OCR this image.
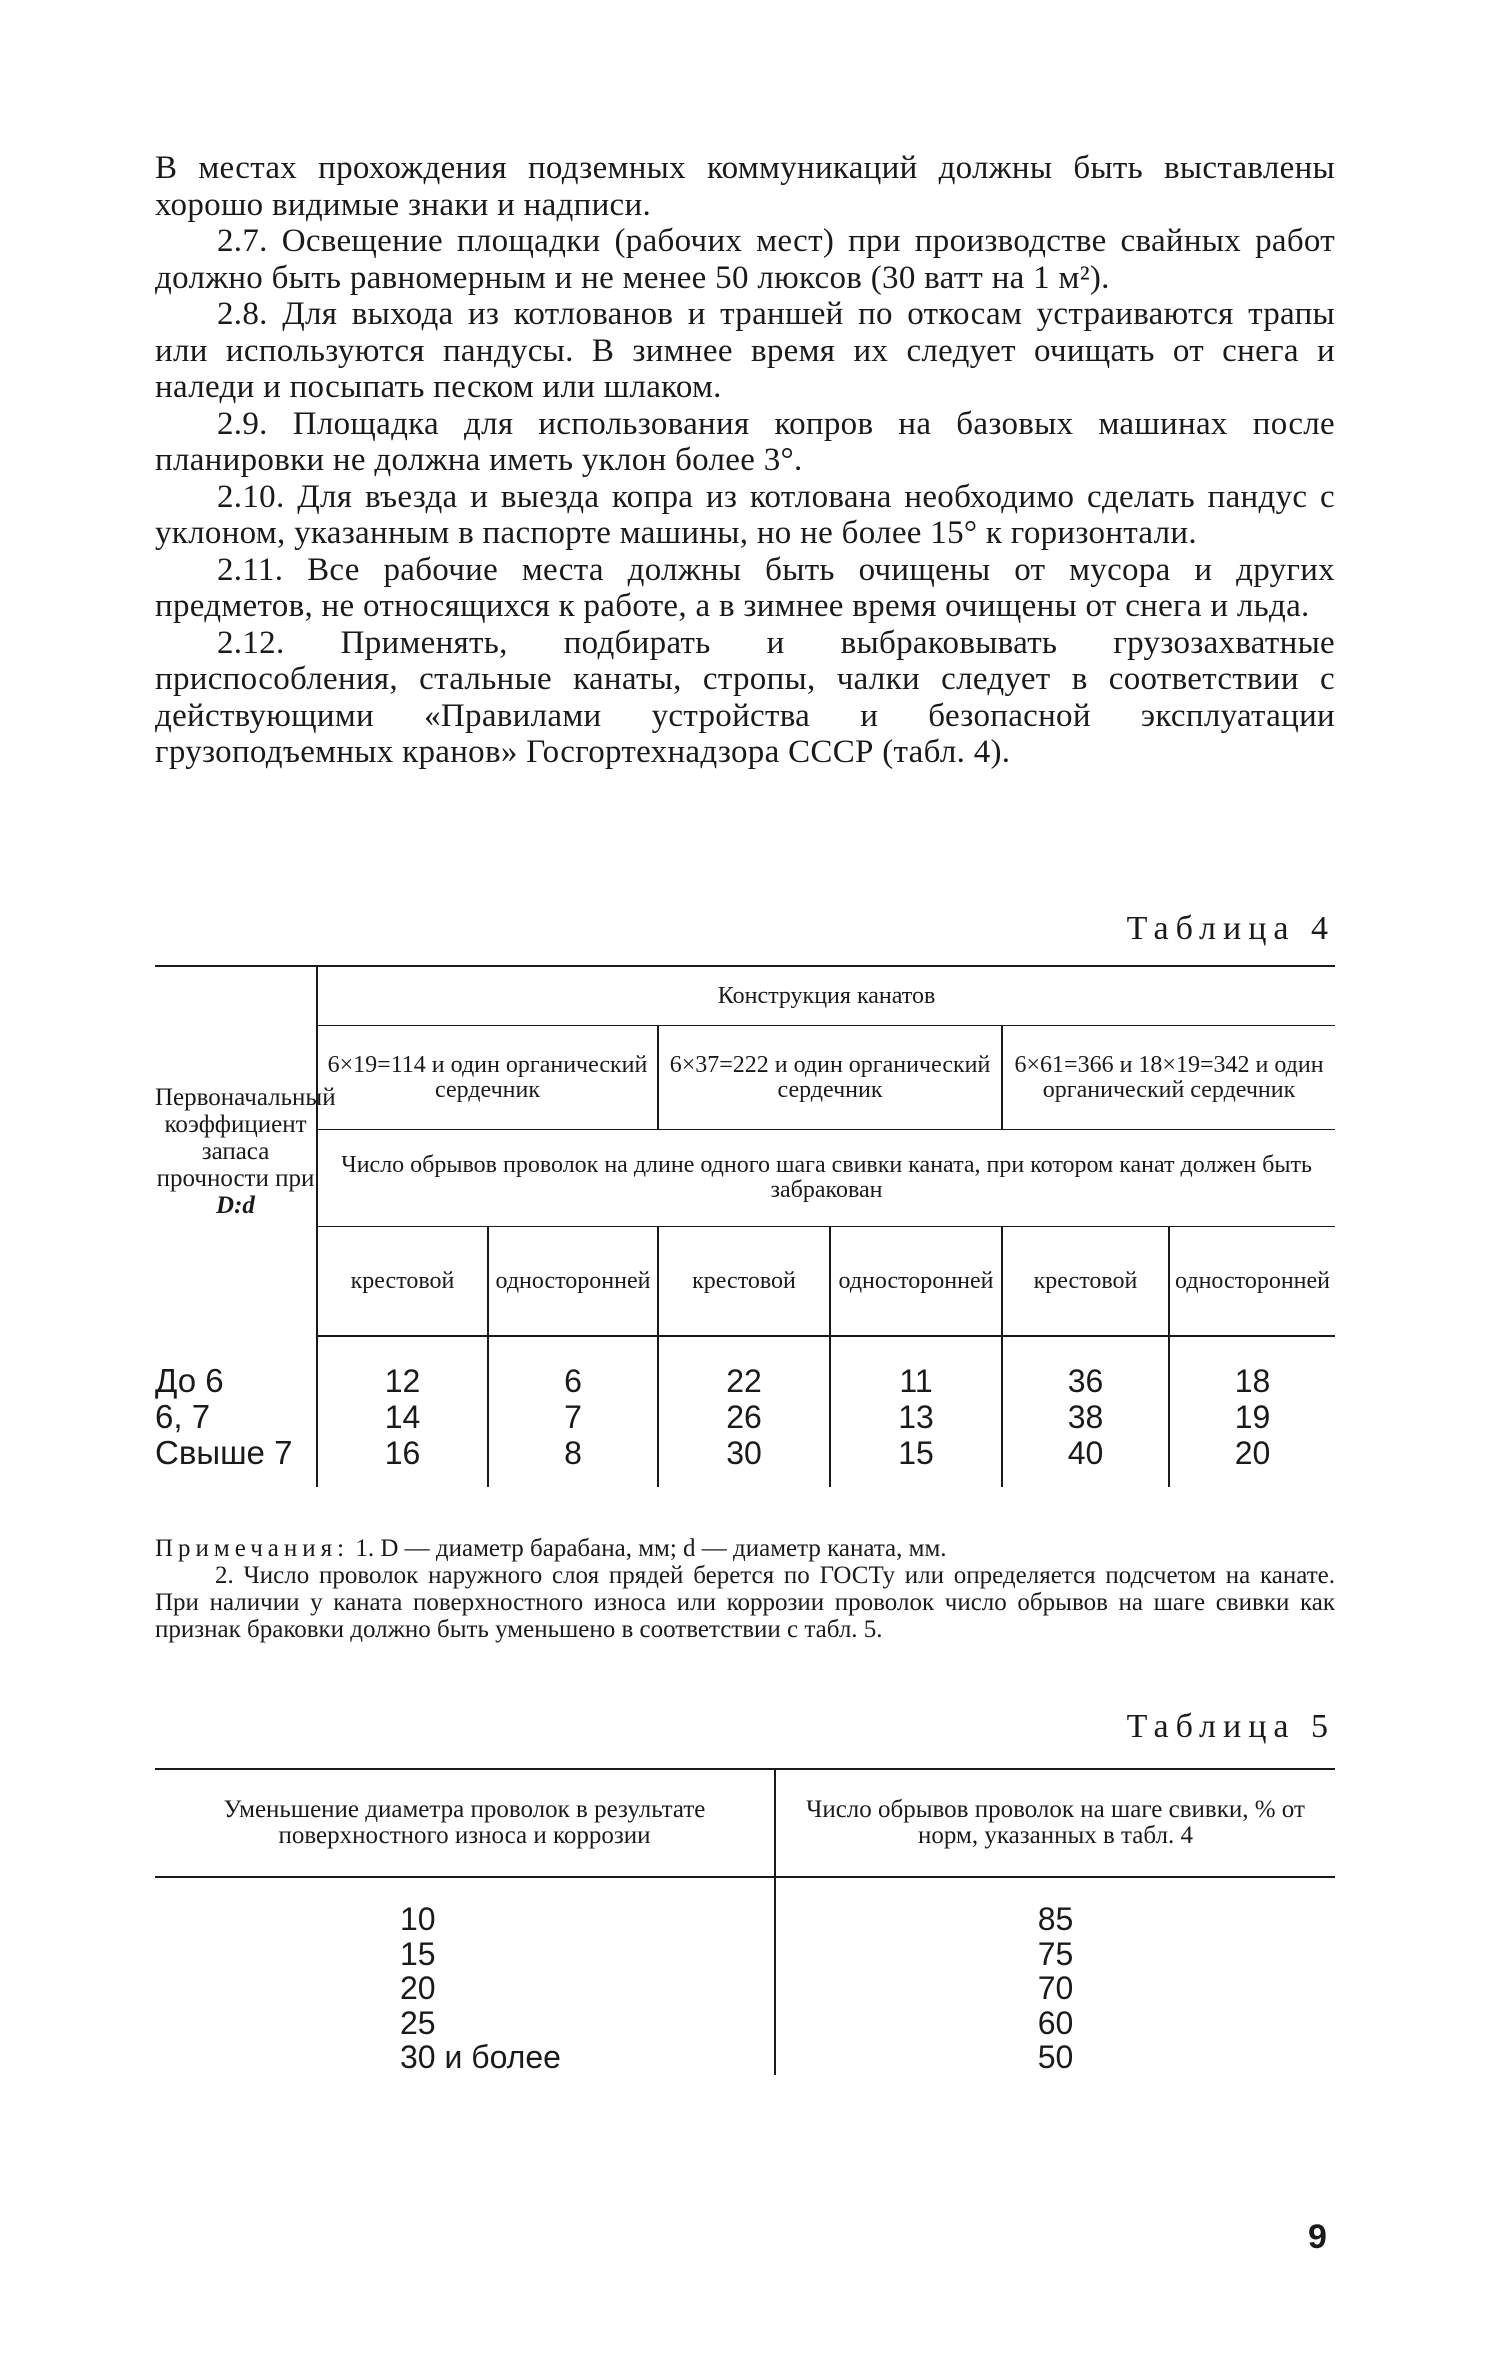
В местах прохождения подземных коммуникаций должны быть выставлены хорошо видимые знаки и надписи.

2.7. Освещение площадки (рабочих мест) при производстве свайных работ должно быть равномерным и не менее 50 люксов (30 ватт на 1 м²).

2.8. Для выхода из котлованов и траншей по откосам устраиваются трапы или используются пандусы. В зимнее время их следует очищать от снега и наледи и посыпать песком или шлаком.

2.9. Площадка для использования копров на базовых машинах после планировки не должна иметь уклон более 3°.

2.10. Для въезда и выезда копра из котлована необходимо сделать пандус с уклоном, указанным в паспорте машины, но не более 15° к горизонтали.

2.11. Все рабочие места должны быть очищены от мусора и других предметов, не относящихся к работе, а в зимнее время очищены от снега и льда.

2.12. Применять, подбирать и выбраковывать грузозахватные приспособления, стальные канаты, стропы, чалки следует в соответствии с действующими «Правилами устройства и безопасной эксплуатации грузоподъемных кранов» Госгортехнадзора СССР (табл. 4).

Таблица 4
Первоначальный коэффициент запаса прочности при D:d	Конструкция канатов					
	6×19=114 и один органический сердечник		6×37=222 и один органический сердечник		6×61=366 и 18×19=342 и один органический сердечник	
	Число обрывов проволок на длине одного шага свивки каната, при котором канат должен быть забракован					
	крестовой	односторонней	крестовой	односторонней	крестовой	односторонней

До 6	12	6	22	11	36	18
6, 7	14	7	26	13	38	19
Свыше 7	16	8	30	15	40	20

Примечания: 1. D — диаметр барабана, мм; d — диаметр каната, мм.

2. Число проволок наружного слоя прядей берется по ГОСТу или определяется подсчетом на канате. При наличии у каната поверхностного износа или коррозии проволок число обрывов на шаге свивки как признак браковки должно быть уменьшено в соответствии с табл. 5.

Таблица 5
Уменьшение диаметра проволок в результате поверхностного износа и коррозии	Число обрывов проволок на шаге свивки, % от норм, указанных в табл. 4

10	85
15	75
20	70
25	60
30 и более	50
9
